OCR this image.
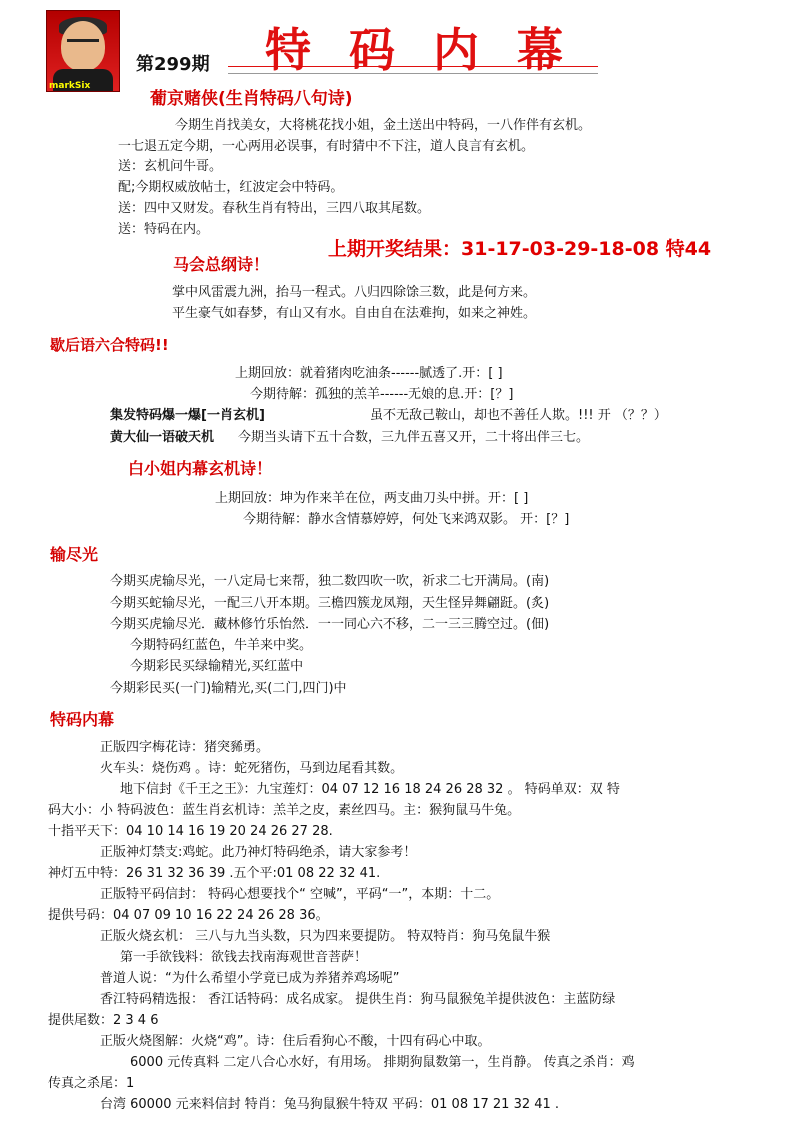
markSix
第299期 特码内幕
葡京赌侠(生肖特码八句诗)
今期生肖找美女，大将桃花找小姐，金土送出中特码，一八作伴有玄机。
一七退五定今期，一心两用必误事，有时猜中不下注，道人良言有玄机。
送：玄机问牛哥。
配;今期权威放帖士，红波定会中特码。
送：四中又财发。春秋生肖有特出，三四八取其尾数。
送：特码在内。
上期开奖结果：31-17-03-29-18-08 特44
马会总纲诗！
掌中风雷震九洲，抬马一程式。八归四除馀三数，此是何方来。
平生豪气如春梦，有山又有水。自由自在法难拘，如来之神姓。
歇后语六合特码!!
上期回放：就着猪肉吃油条------腻透了.开：[ ]
今期待解：孤独的羔羊------无娘的息.开：[？]
集发特码爆一爆[一肖玄机]	虽不无敌己鞍山，却也不善任人欺。!!! 开 （？？）
黄大仙一语破天机 今期当头请下五十合数，三九伴五喜又开，二十将出伴三七。
白小姐内幕玄机诗！
上期回放：坤为作来羊在位，两支曲刀头中拼。开：[ ]
今期待解：静水含情慕婷婷，何处飞来鸿双影。 开：[？]
输尽光
今期买虎输尽光，一八定局七来帮，独二数四吹一吹，祈求二七开满局。(南)
今期买蛇输尽光，一配三八开本期。三檐四簇龙凤翔，天生怪异舞翩跹。(炙)
今期买虎输尽光．藏林修竹乐怡然．一一同心六不移，二一三三腾空过。(佃)
今期特码红蓝色，牛羊来中奖。
今期彩民买绿输精光,买红蓝中
今期彩民买(一门)输精光,买(二门,四门)中
特码内幕
正版四字梅花诗：猪突豨勇。
火车头：烧伤鸡 。诗：蛇死猪伤，马到边尾看其数。
地下信封《千王之王》：九宝莲灯：04 07 12 16 18 24 26 28 32 。 特码单双：双 特
码大小：小 特码波色：蓝生肖玄机诗：羔羊之皮，素丝四马。主：猴狗鼠马牛兔。
十指平天下：04 10 14 16 19 20 24 26 27 28.
正版神灯禁支:鸡蛇。此乃神灯特码绝杀，请大家参考！
神灯五中特：26 31 32 36 39 .五个平:01 08 22 32 41.
正版特平码信封： 特码心想要找个“ 空喊”，平码“一”，本期：十二。
提供号码：04 07 09 10 16 22 24 26 28 36。
正版火烧玄机： 三八与九当头数，只为四来要提防。 特双特肖：狗马兔鼠牛猴
第一手欲钱料：欲钱去找南海观世音菩萨！
普道人说：“为什么希望小学竟已成为养猪养鸡场呢”
香江特码精选报： 香江话特码：成名成家。 提供生肖：狗马鼠猴兔羊提供波色：主蓝防绿
提供尾数：2 3 4 6
正版火烧图解：火烧“鸡”。诗：住后看狗心不酸，十四有码心中取。
6000 元传真料 二定八合心水好，有用场。 排期狗鼠数第一，生肖静。 传真之杀肖：鸡
传真之杀尾：1
台湾 60000 元来料信封 特肖：兔马狗鼠猴牛特双 平码：01 08 17 21 32 41 .
